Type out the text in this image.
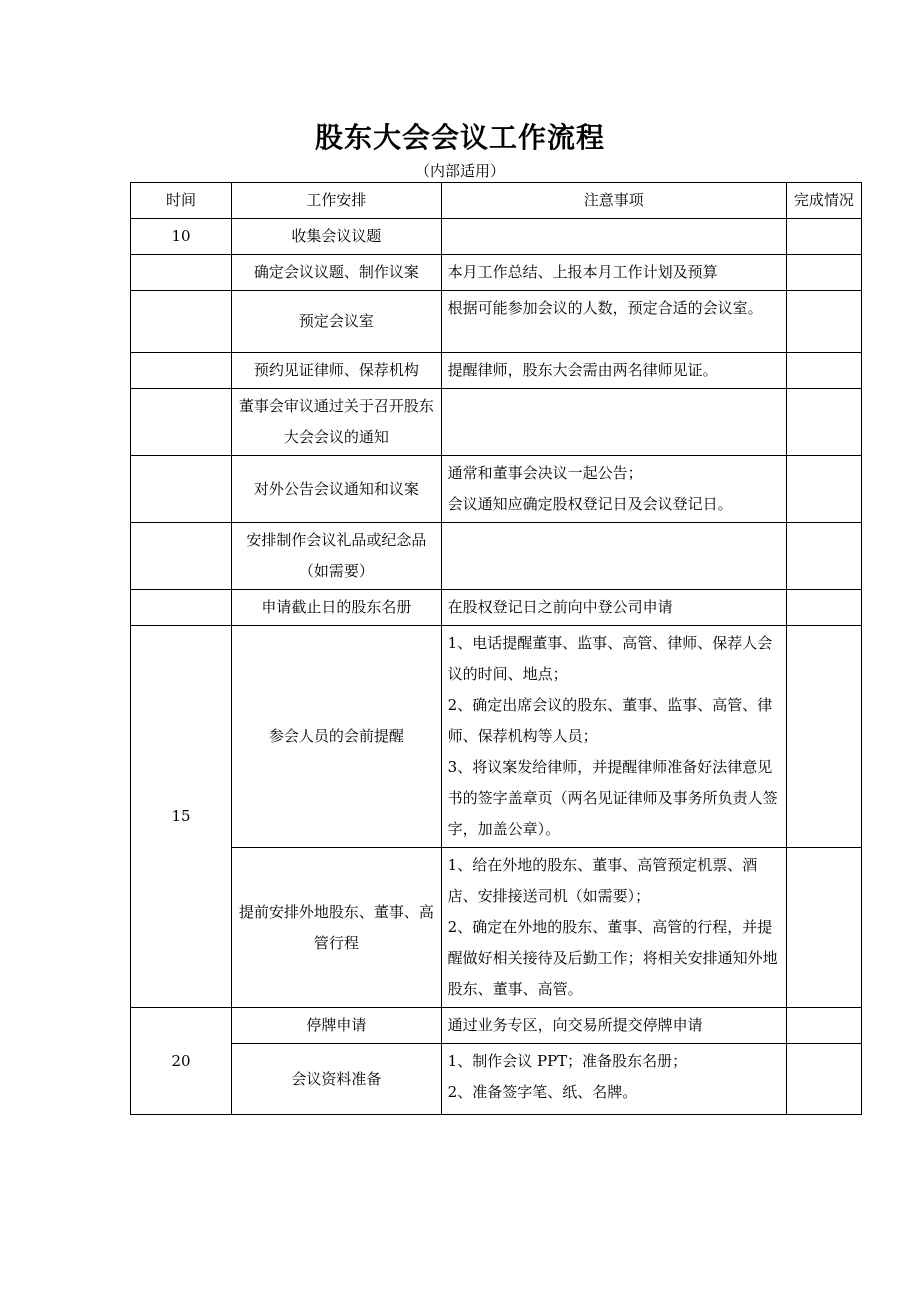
股东大会会议工作流程
（内部适用）
时间	工作安排	注意事项	完成情况
10	收集会议议题		
	确定会议议题、制作议案	本月工作总结、上报本月工作计划及预算	

	预定会议室	根据可能参加会议的人数，预定合适的会议室。	

	预约见证律师、保荐机构	提醒律师，股东大会需由两名律师见证。	

	董事会审议通过关于召开股东大会会议的通知		
	对外公告会议通知和议案	通常和董事会决议一起公告；
会议通知应确定股权登记日及会议登记日。	

	安排制作会议礼品或纪念品（如需要）		
	申请截止日的股东名册	在股权登记日之前向中登公司申请	

15	参会人员的会前提醒	1、电话提醒董事、监事、高管、律师、保荐人会议的时间、地点；
2、确定出席会议的股东、董事、监事、高管、律师、保荐机构等人员；
3、将议案发给律师，并提醒律师准备好法律意见书的签字盖章页（两名见证律师及事务所负责人签字，加盖公章）。	

	提前安排外地股东、董事、高管行程	1、给在外地的股东、董事、高管预定机票、酒店、安排接送司机（如需要）；
2、确定在外地的股东、董事、高管的行程，并提醒做好相关接待及后勤工作；将相关安排通知外地股东、董事、高管。	

20	停牌申请	通过业务专区，向交易所提交停牌申请	

	会议资料准备	1、制作会议 PPT；准备股东名册；
2、准备签字笔、纸、名牌。	
